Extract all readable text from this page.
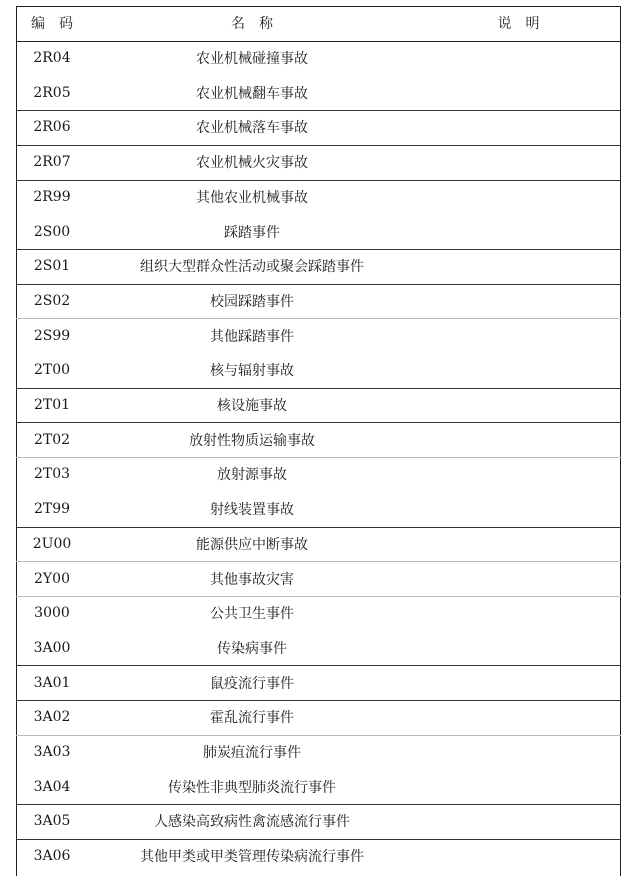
编码	名称	说明
2R04	农业机械碰撞事故
2R05	农业机械翻车事故
2R06	农业机械落车事故
2R07	农业机械火灾事故
2R99	其他农业机械事故
2S00	踩踏事件
2S01	组织大型群众性活动或聚会踩踏事件
2S02	校园踩踏事件
2S99	其他踩踏事件
2T00	核与辐射事故
2T01	核设施事故
2T02	放射性物质运输事故
2T03	放射源事故
2T99	射线装置事故
2U00	能源供应中断事故
2Y00	其他事故灾害
3000	公共卫生事件
3A00	传染病事件
3A01	鼠疫流行事件
3A02	霍乱流行事件
3A03	肺炭疽流行事件
3A04	传染性非典型肺炎流行事件
3A05	人感染高致病性禽流感流行事件
3A06	其他甲类或甲类管理传染病流行事件
